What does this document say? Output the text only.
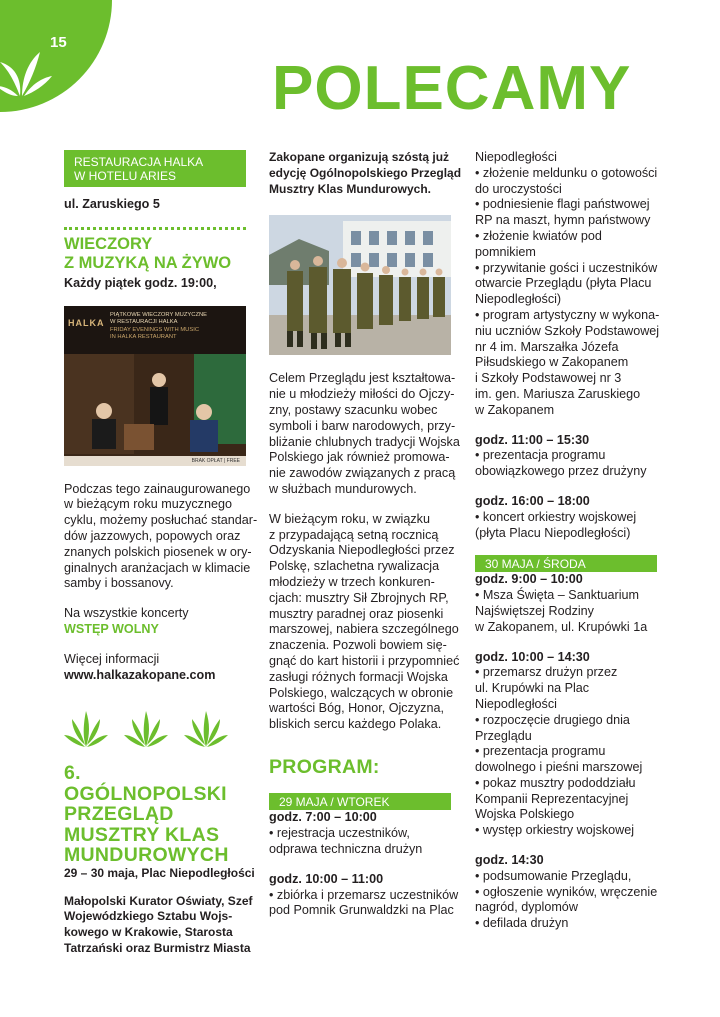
15
POLECAMY
RESTAURACJA HALKA
W HOTELU ARIES
ul. Zaruskiego 5
WIECZORY
Z MUZYKĄ NA ŻYWO
Każdy piątek godz. 19:00,
HALKA
PIĄTKOWE WIECZORY MUZYCZNE
W RESTAURACJI HALKA
FRIDAY EVENINGS WITH MUSIC
IN HALKA RESTAURANT
BRAK OPŁAT | FREE
Podczas tego zainaugurowanego
w bieżącym roku muzycznego
cyklu, możemy posłuchać standar-
dów jazzowych, popowych oraz
znanych polskich piosenek w ory-
ginalnych aranżacjach w klimacie
samby i bossanovy.
Na wszystkie koncerty
WSTĘP WOLNY
Więcej informacji
www.halkazakopane.com
6. OGÓLNOPOLSKI
PRZEGLĄD
MUSZTRY KLAS
MUNDUROWYCH
29 – 30 maja, Plac Niepodległości
Małopolski Kurator Oświaty, Szef
Wojewódzkiego Sztabu Wojs-
kowego w Krakowie, Starosta
Tatrzański oraz Burmistrz Miasta
Zakopane organizują szóstą już
edycję Ogólnopolskiego Przegląd
Musztry Klas Mundurowych.
Celem Przeglądu jest kształtowa-
nie u młodzieży miłości do Ojczy-
zny, postawy szacunku wobec
symboli i barw narodowych, przy-
bliżanie chlubnych tradycji Wojska
Polskiego jak również promowa-
nie zawodów związanych z pracą
w służbach mundurowych.
W bieżącym roku, w związku
z przypadającą setną rocznicą
Odzyskania Niepodległości przez
Polskę, szlachetna rywalizacja
młodzieży w trzech konkuren-
cjach: musztry Sił Zbrojnych RP,
musztry paradnej oraz piosenki
marszowej, nabiera szczególnego
znaczenia. Pozwoli bowiem się-
gnąć do kart historii i przypomnieć
zasługi różnych formacji Wojska
Polskiego, walczących w obronie
wartości Bóg, Honor, Ojczyzna,
bliskich sercu każdego Polaka.
PROGRAM:
29 MAJA / WTOREK
godz. 7:00 – 10:00
• rejestracja uczestników,
odprawa techniczna drużyn
godz. 10:00 – 11:00
• zbiórka i przemarsz uczestników
pod Pomnik Grunwaldzki na Plac
Niepodległości
• złożenie meldunku o gotowości
do uroczystości
• podniesienie flagi państwowej
RP na maszt, hymn państwowy
• złożenie kwiatów pod
pomnikiem
• przywitanie gości i uczestników
otwarcie Przeglądu (płyta Placu
Niepodległości)
• program artystyczny w wykona-
niu uczniów Szkoły Podstawowej
nr 4 im. Marszałka Józefa
Piłsudskiego w Zakopanem
i Szkoły Podstawowej nr 3
im. gen. Mariusza Zaruskiego
w Zakopanem
godz. 11:00 – 15:30
• prezentacja programu
obowiązkowego przez drużyny
godz. 16:00 – 18:00
• koncert orkiestry wojskowej
(płyta Placu Niepodległości)
30 MAJA / ŚRODA
godz. 9:00 – 10:00
• Msza Święta – Sanktuarium
Najświętszej Rodziny
w Zakopanem, ul. Krupówki 1a
godz. 10:00 – 14:30
• przemarsz drużyn przez
ul. Krupówki na Plac
Niepodległości
• rozpoczęcie drugiego dnia
Przeglądu
• prezentacja programu
dowolnego i pieśni marszowej
• pokaz musztry pododdziału
Kompanii Reprezentacyjnej
Wojska Polskiego
• występ orkiestry wojskowej
godz. 14:30
• podsumowanie Przeglądu,
• ogłoszenie wyników, wręczenie
nagród, dyplomów
• defilada drużyn
